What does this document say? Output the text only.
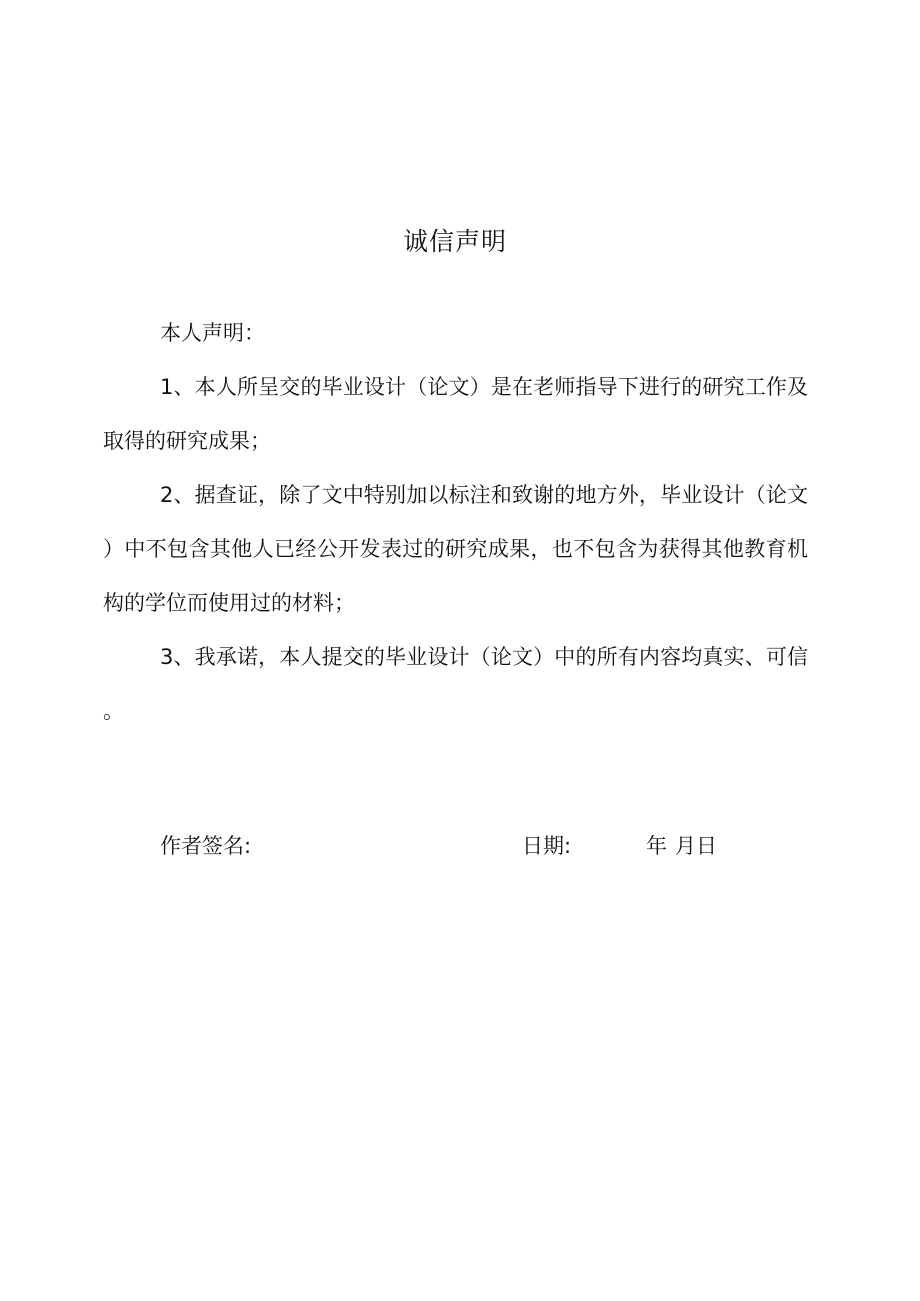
诚信声明

本人声明：

1、本人所呈交的毕业设计（论文）是在老师指导下进行的研究工作及取得的研究成果；

2、据查证，除了文中特别加以标注和致谢的地方外，毕业设计（论文）中不包含其他人已经公开发表过的研究成果，也不包含为获得其他教育机构的学位而使用过的材料；

3、我承诺，本人提交的毕业设计（论文）中的所有内容均真实、可信。

作者签名:	日期:	年 月日
